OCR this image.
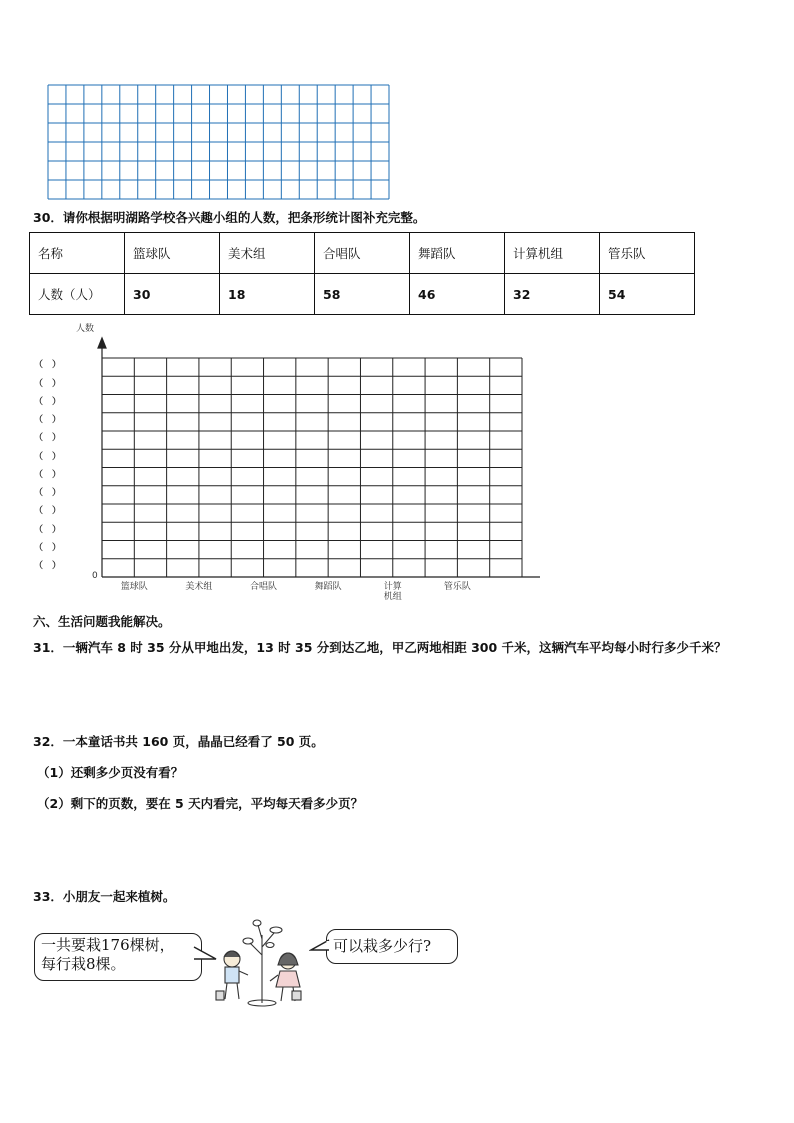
30．请你根据明湖路学校各兴趣小组的人数，把条形统计图补充完整。
名称	篮球队	美术组	合唱队	舞蹈队	计算机组	管乐队
人数（人）	30	18	58	46	32	54
人数
（　）
（　）
（　）
（　）
（　）
（　）
（　）
（　）
（　）
（　）
（　）
（　）
篮球队	美术组	合唱队	舞蹈队	计算
机组
管乐队
0
六、生活问题我能解决。
31．一辆汽车 8 时 35 分从甲地出发，13 时 35 分到达乙地，甲乙两地相距 300 千米，这辆汽车平均每小时行多少千米？
32．一本童话书共 160 页，晶晶已经看了 50 页。
（1）还剩多少页没有看？
（2）剩下的页数，要在 5 天内看完，平均每天看多少页？
33．小朋友一起来植树。
一共要栽176棵树，
每行栽8棵。
可以栽多少行?
